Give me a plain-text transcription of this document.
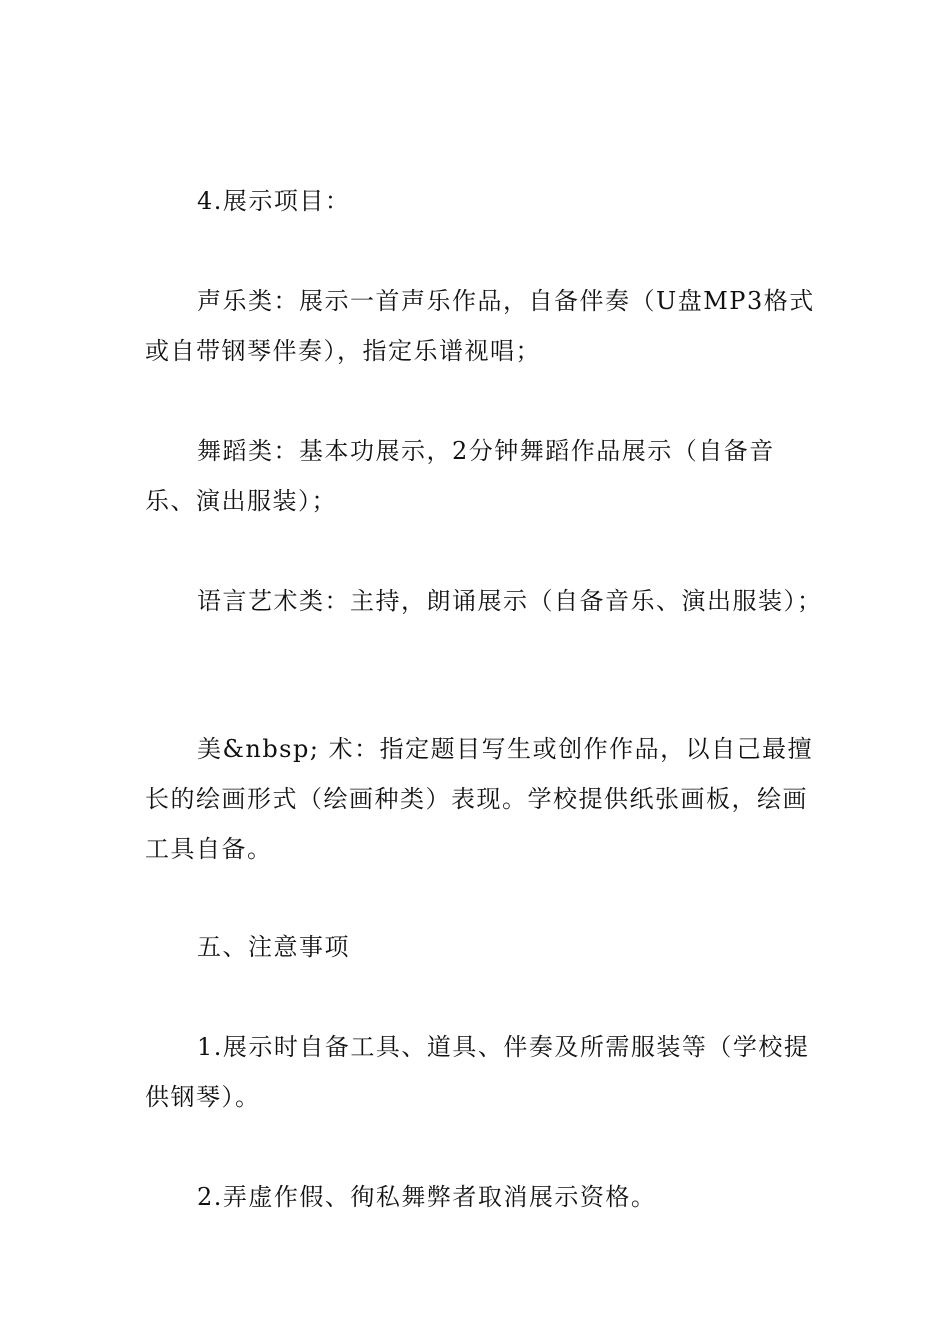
4.展示项目：

声乐类：展示一首声乐作品，自备伴奏（U盘MP3格式或自带钢琴伴奏），指定乐谱视唱；

舞蹈类：基本功展示，2分钟舞蹈作品展示（自备音乐、演出服装）；

语言艺术类：主持，朗诵展示（自备音乐、演出服装）；

美&nbsp; 术：指定题目写生或创作作品，以自己最擅长的绘画形式（绘画种类）表现。学校提供纸张画板，绘画工具自备。

五、注意事项

1.展示时自备工具、道具、伴奏及所需服装等（学校提供钢琴）。

2.弄虚作假、徇私舞弊者取消展示资格。
